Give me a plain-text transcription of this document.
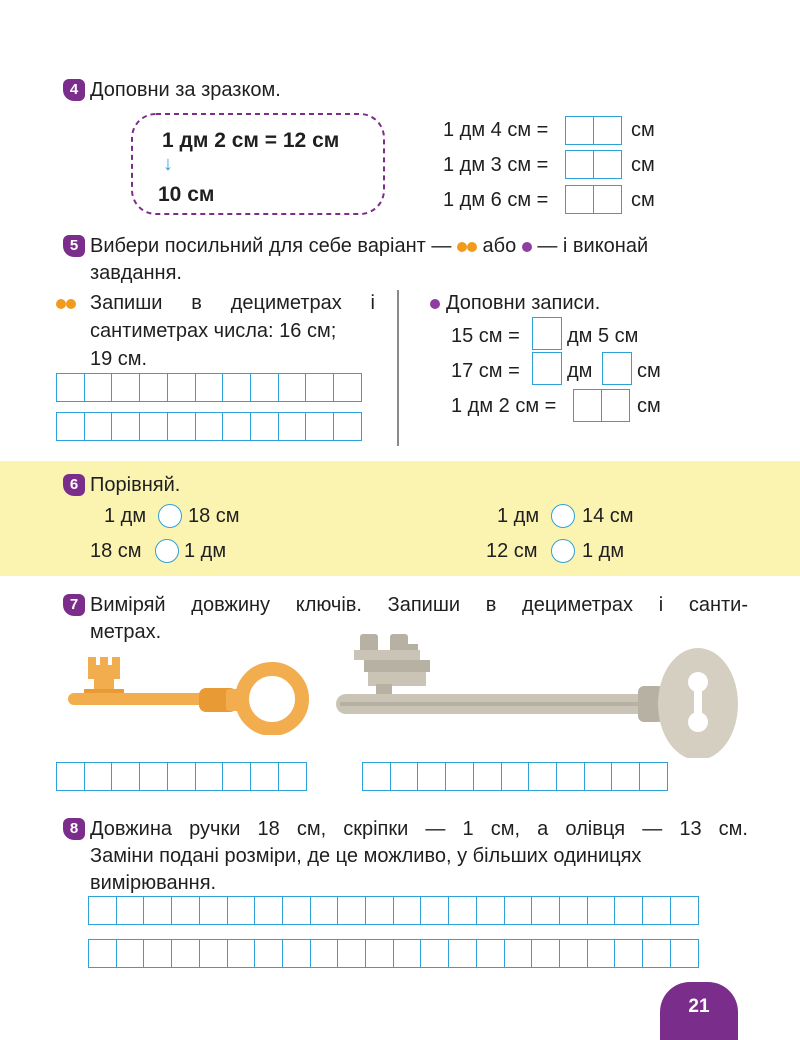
4 Доповни за зразком.
1 дм 2 см = 12 см
↓
10 см
1 дм 4 см =	см
1 дм 3 см =	см
1 дм 6 см =	см
5 Вибери посильний для себе варіант — або — і виконай
завдання.
Запиши в дециметрах і
сантиметрах числа: 16 см;
19 см.
Доповни записи.
15 см = дм 5 см
17 см = дм см
1 дм 2 см =	см
6 Порівняй.
1 дм 18 см
18 см 1 дм
1 дм 14 см
12 см 1 дм
7 Виміряй довжину ключів. Запиши в дециметрах і санти-
метрах.
8 Довжина ручки 18 см, скріпки — 1 см, а олівця — 13 см.
Заміни подані розміри, де це можливо, у більших одиницях
вимірювання.
21
